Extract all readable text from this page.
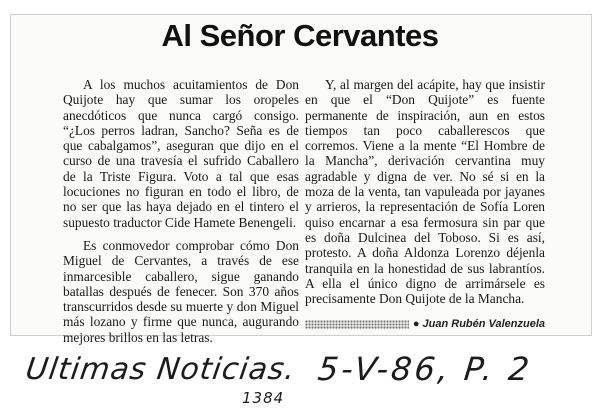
Al Señor Cervantes

A los muchos acuitamientos de Don Quijote hay que sumar los oropeles anecdóticos que nunca cargó consigo. “¿Los perros ladran, Sancho? Seña es de que cabalgamos”, aseguran que dijo en el curso de una travesía el sufrido Caballero de la Triste Figura. Voto a tal que esas locuciones no figuran en todo el libro, de no ser que las haya dejado en el tintero el supuesto traductor Cide Hamete Benengeli.

Es conmovedor comprobar cómo Don Miguel de Cervantes, a través de ese inmarcesible caballero, sigue ganando batallas después de fenecer. Son 370 años transcurridos desde su muerte y don Miguel más lozano y firme que nunca, augurando mejores brillos en las letras.

Y, al margen del acápite, hay que insistir en que el “Don Quijote” es fuente permanente de inspiración, aun en estos tiempos tan poco caballerescos que corremos. Viene a la mente “El Hombre de la Mancha”, derivación cervantina muy agradable y digna de ver. No sé si en la moza de la venta, tan vapuleada por jayanes y arrieros, la representación de Sofía Loren quiso encarnar a esa fermosura sin par que es doña Dulcinea del Toboso. Si es así, protesto. A doña Aldonza Lorenzo déjenla tranquila en la honestidad de sus labrantíos. A ella el único digno de arrimársele es precisamente Don Quijote de la Mancha.

● Juan Rubén Valenzuela
Ultimas Noticias. 5-V-86, P. 2
1384
